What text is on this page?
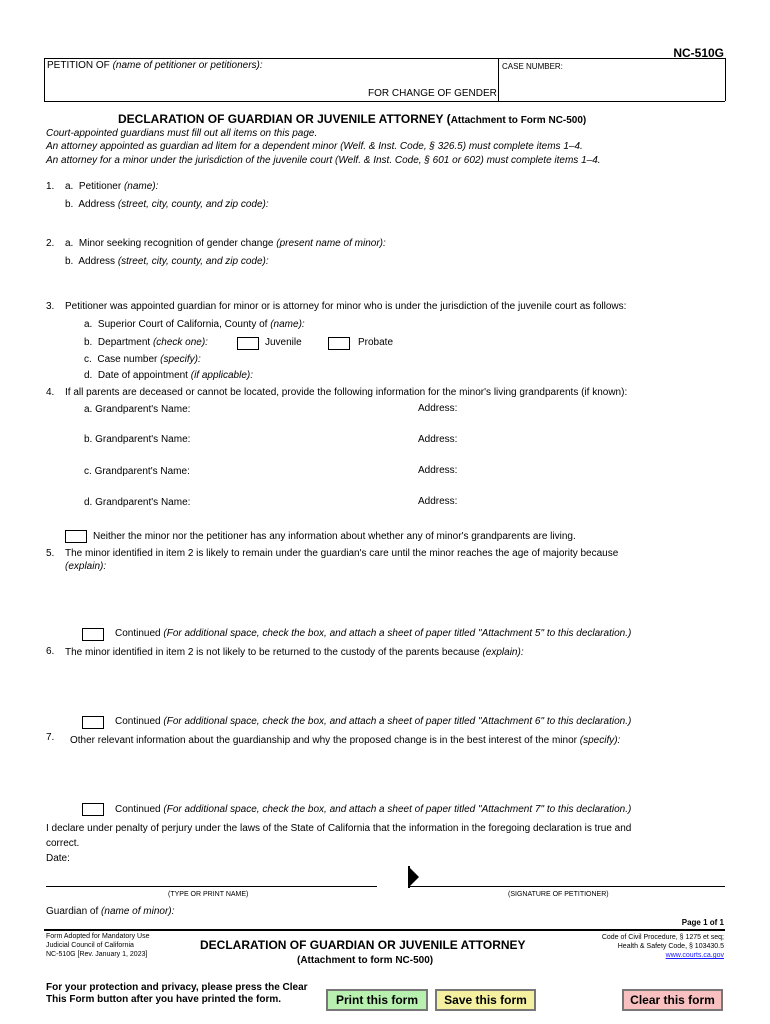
NC-510G
PETITION OF (name of petitioner or petitioners):	CASE NUMBER:
FOR CHANGE OF GENDER
DECLARATION OF GUARDIAN OR JUVENILE ATTORNEY (Attachment to Form NC-500)
Court-appointed guardians must fill out all items on this page.
An attorney appointed as guardian ad litem for a dependent minor (Welf. & Inst. Code, § 326.5) must complete items 1–4.
An attorney for a minor under the jurisdiction of the juvenile court (Welf. & Inst. Code, § 601 or 602) must complete items 1–4.
1. a. Petitioner (name):
b. Address (street, city, county, and zip code):
2. a. Minor seeking recognition of gender change (present name of minor):
b. Address (street, city, county, and zip code):
3. Petitioner was appointed guardian for minor or is attorney for minor who is under the jurisdiction of the juvenile court as follows:
a. Superior Court of California, County of (name):
b. Department (check one):	Juvenile	Probate
c. Case number (specify):
d. Date of appointment (if applicable):
4. If all parents are deceased or cannot be located, provide the following information for the minor's living grandparents (if known):
a. Grandparent's Name:	Address:
b. Grandparent's Name:	Address:
c. Grandparent's Name:	Address:
d. Grandparent's Name:	Address:
Neither the minor nor the petitioner has any information about whether any of minor's grandparents are living.
5. The minor identified in item 2 is likely to remain under the guardian's care until the minor reaches the age of majority because
(explain):
Continued (For additional space, check the box, and attach a sheet of paper titled "Attachment 5" to this declaration.)
6. The minor identified in item 2 is not likely to be returned to the custody of the parents because (explain):
Continued (For additional space, check the box, and attach a sheet of paper titled "Attachment 6" to this declaration.)
7. Other relevant information about the guardianship and why the proposed change is in the best interest of the minor (specify):
Continued (For additional space, check the box, and attach a sheet of paper titled "Attachment 7" to this declaration.)
I declare under penalty of perjury under the laws of the State of California that the information in the foregoing declaration is true and
correct.
Date:
(TYPE OR PRINT NAME)	(SIGNATURE OF PETITIONER)
Guardian of (name of minor):
Page 1 of 1
Form Adopted for Mandatory Use
Judicial Council of California
NC-510G [Rev. January 1, 2023]
DECLARATION OF GUARDIAN OR JUVENILE ATTORNEY
(Attachment to form NC-500)
Code of Civil Procedure, § 1275 et seq;
Health & Safety Code, § 103430.5
www.courts.ca.gov
For your protection and privacy, please press the Clear
This Form button after you have printed the form.	Print this form	Save this form	Clear this form
